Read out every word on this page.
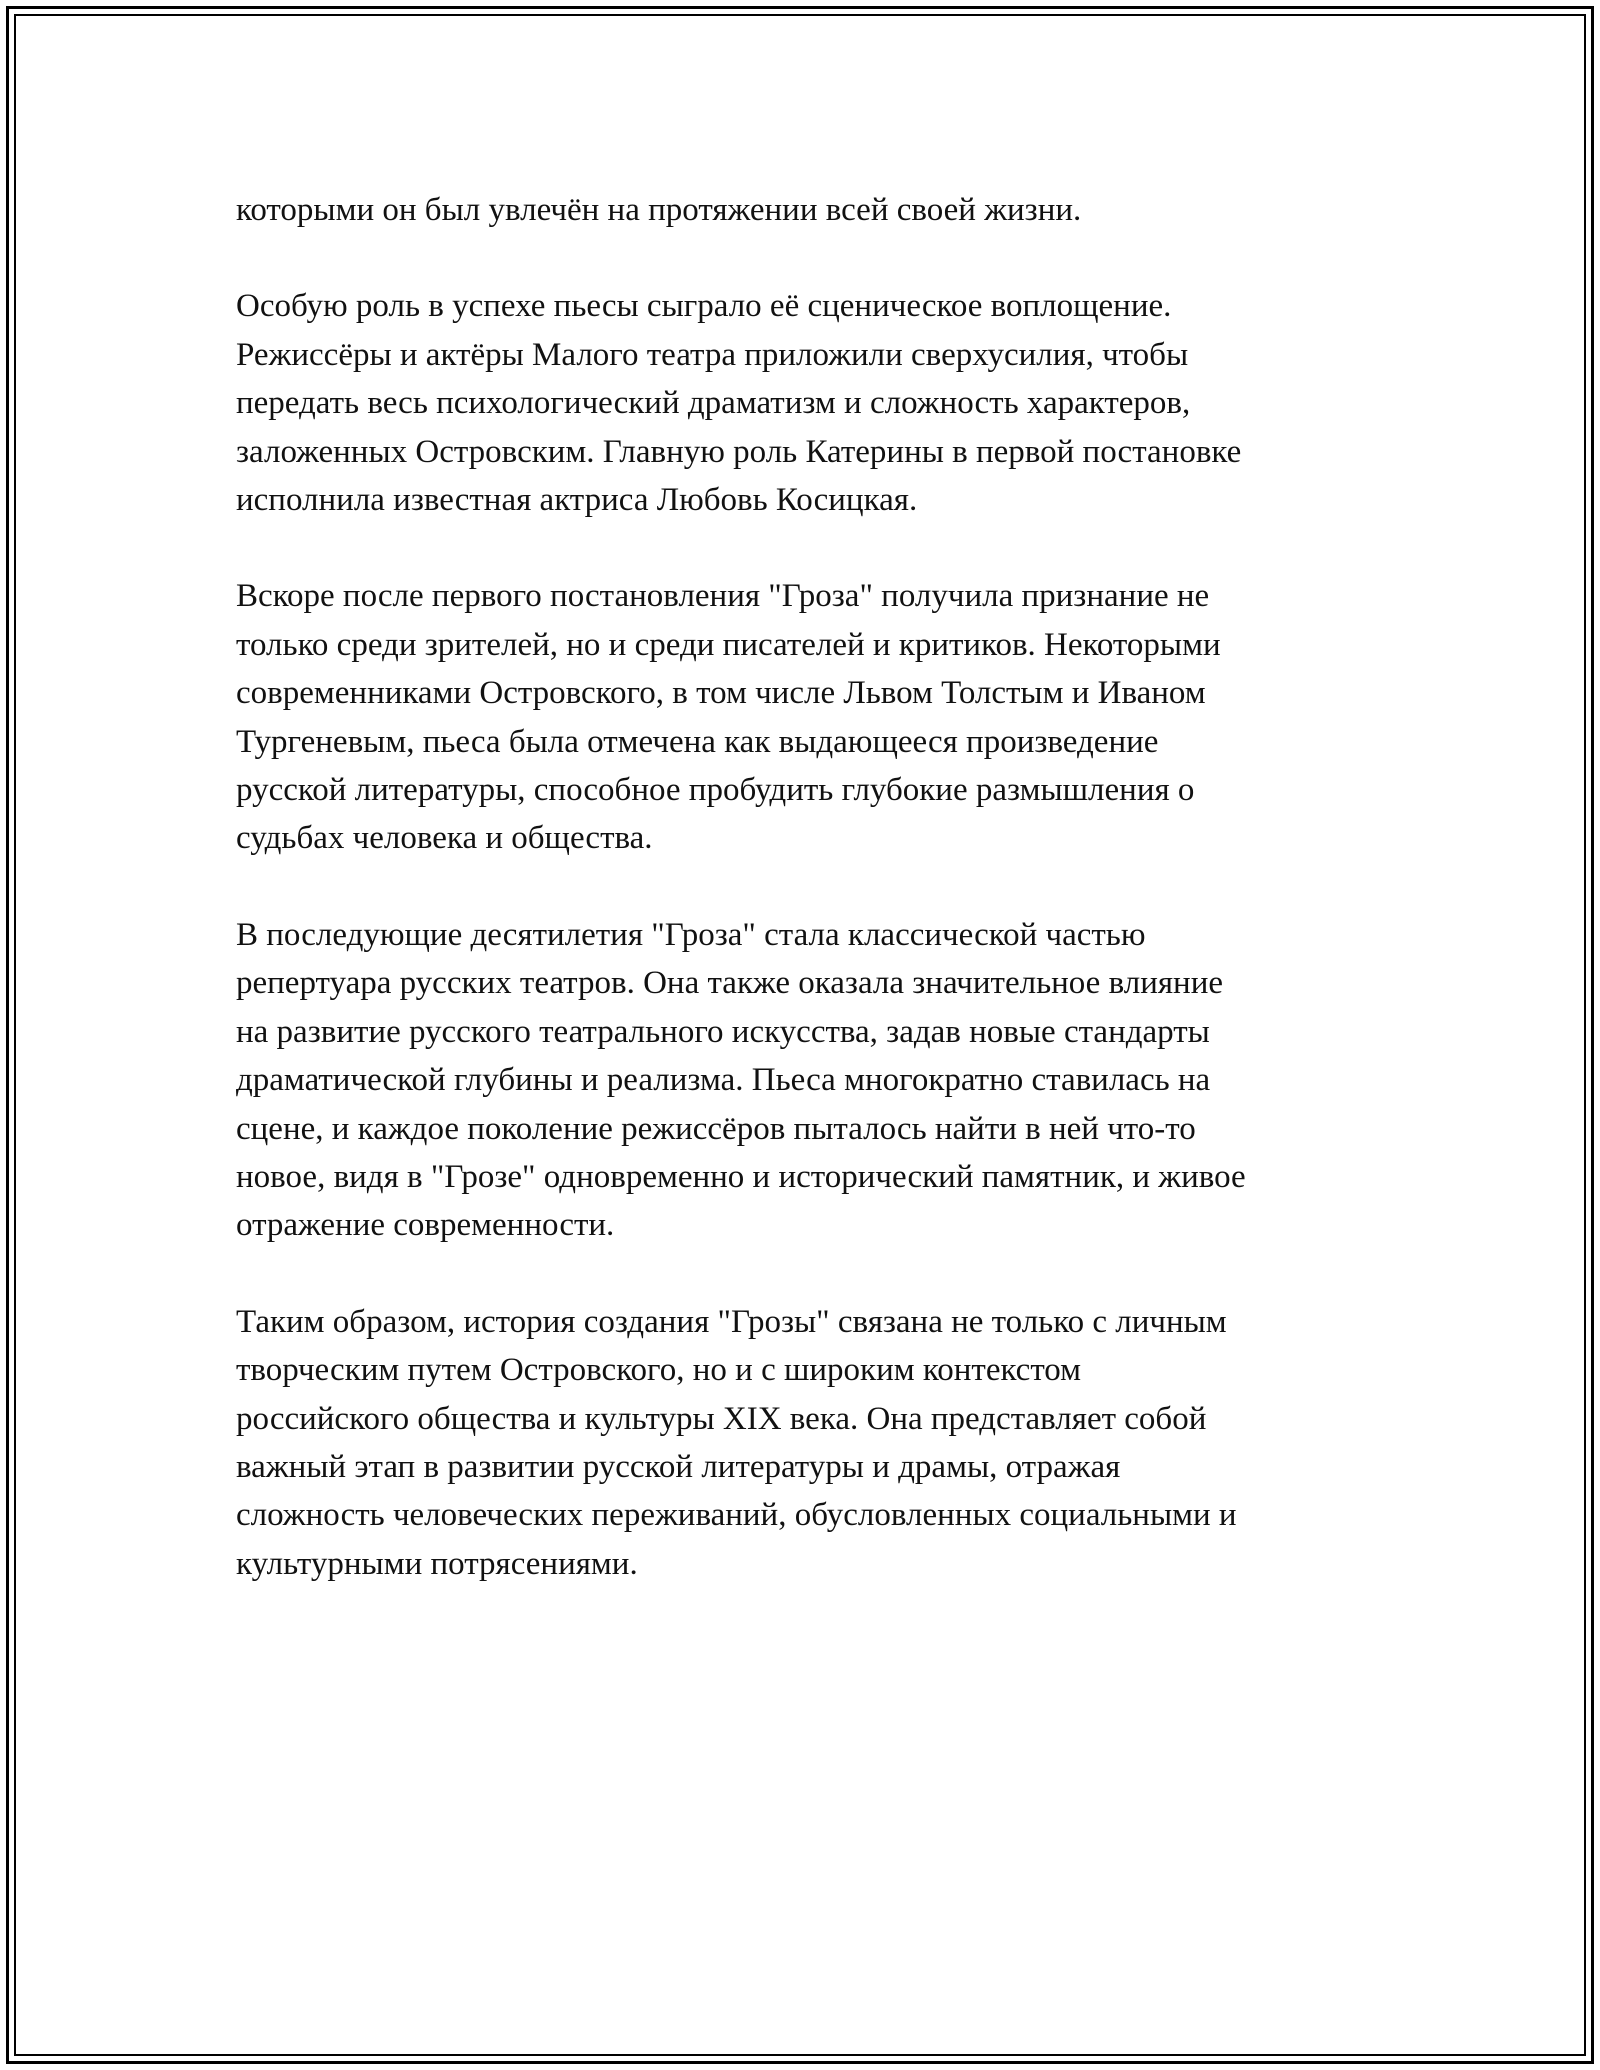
которыми он был увлечён на протяжении всей своей жизни.

Особую роль в успехе пьесы сыграло её сценическое воплощение.
Режиссёры и актёры Малого театра приложили сверхусилия, чтобы
передать весь психологический драматизм и сложность характеров,
заложенных Островским. Главную роль Катерины в первой постановке
исполнила известная актриса Любовь Косицкая.

Вскоре после первого постановления "Гроза" получила признание не
только среди зрителей, но и среди писателей и критиков. Некоторыми
современниками Островского, в том числе Львом Толстым и Иваном
Тургеневым, пьеса была отмечена как выдающееся произведение
русской литературы, способное пробудить глубокие размышления о
судьбах человека и общества.

В последующие десятилетия "Гроза" стала классической частью
репертуара русских театров. Она также оказала значительное влияние
на развитие русского театрального искусства, задав новые стандарты
драматической глубины и реализма. Пьеса многократно ставилась на
сцене, и каждое поколение режиссёров пыталось найти в ней что-то
новое, видя в "Грозе" одновременно и исторический памятник, и живое
отражение современности.

Таким образом, история создания "Грозы" связана не только с личным
творческим путем Островского, но и с широким контекстом
российского общества и культуры XIX века. Она представляет собой
важный этап в развитии русской литературы и драмы, отражая
сложность человеческих переживаний, обусловленных социальными и
культурными потрясениями.
